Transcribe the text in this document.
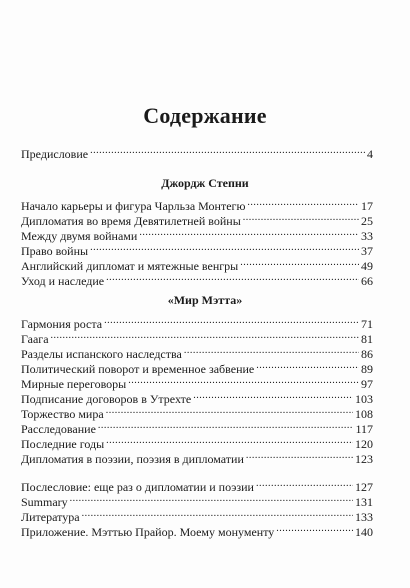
Содержание
Предисловие . . .	4
Джордж Степни
Начало карьеры и фигура Чарльза Монтегю . . .	17
Дипломатия во время Девятилетней войны . . .	25
Между двумя войнами . . .	33
Право войны . . .	37
Английский дипломат и мятежные венгры . . .	49
Уход и наследие . . .	66
«Мир Мэтта»
Гармония роста . . .	71
Гаага . . .	81
Разделы испанского наследства . . .	86
Политический поворот и временное забвение . . .	89
Мирные переговоры . . .	97
Подписание договоров в Утрехте . . .	103
Торжество мира . . .	108
Расследование . . .	117
Последние годы . . .	120
Дипломатия в поэзии, поэзия в дипломатии . . .	123
Послесловие: еще раз о дипломатии и поэзии . . .	127
Summary . . .	131
Литература . . .	133
Приложение. Мэттью Прайор. Моему монументу . . .	140
